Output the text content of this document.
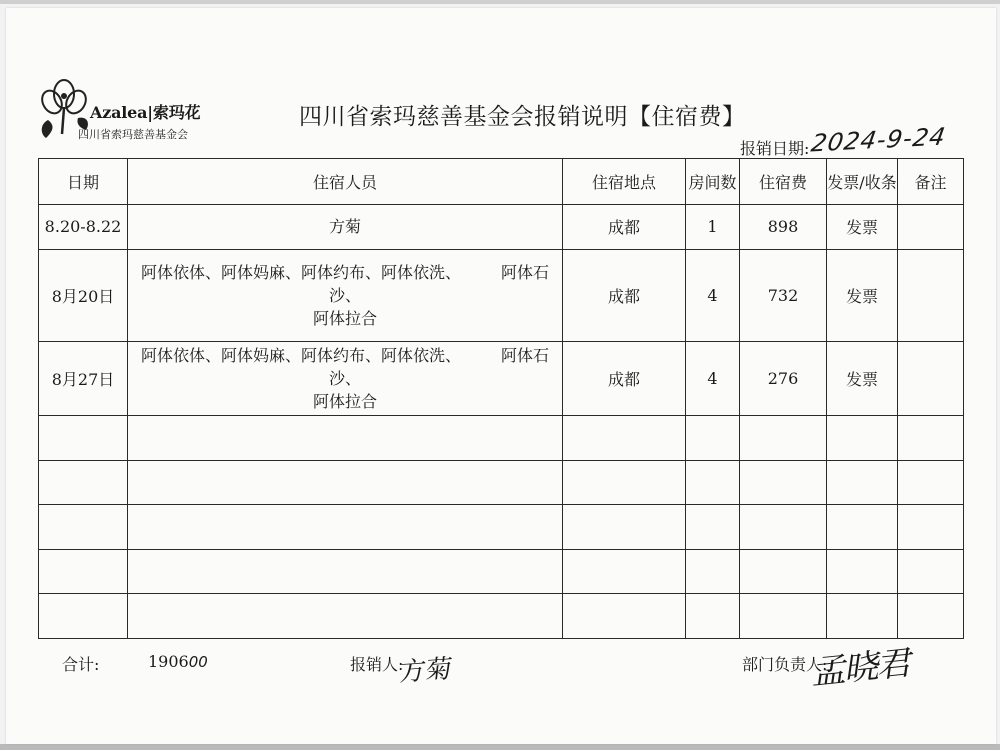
Azalea|索玛花
四川省索玛慈善基金会
四川省索玛慈善基金会报销说明【住宿费】
报销日期: 2024-9-24
日期	住宿人员	住宿地点	房间数	住宿费	发票/收条	备注
8.20-8.22	方菊	成都	1	898	发票	
8月20日	阿体依体、阿体妈麻、阿体约布、阿体依洗、　　　阿体石沙、
阿体拉合	成都	4	732	发票	
8月27日	阿体依体、阿体妈麻、阿体约布、阿体依洗、　　　阿体石沙、
阿体拉合	成都	4	276	发票	

合计:	190600	报销人:
方菊	部门负责人:
孟晓君
